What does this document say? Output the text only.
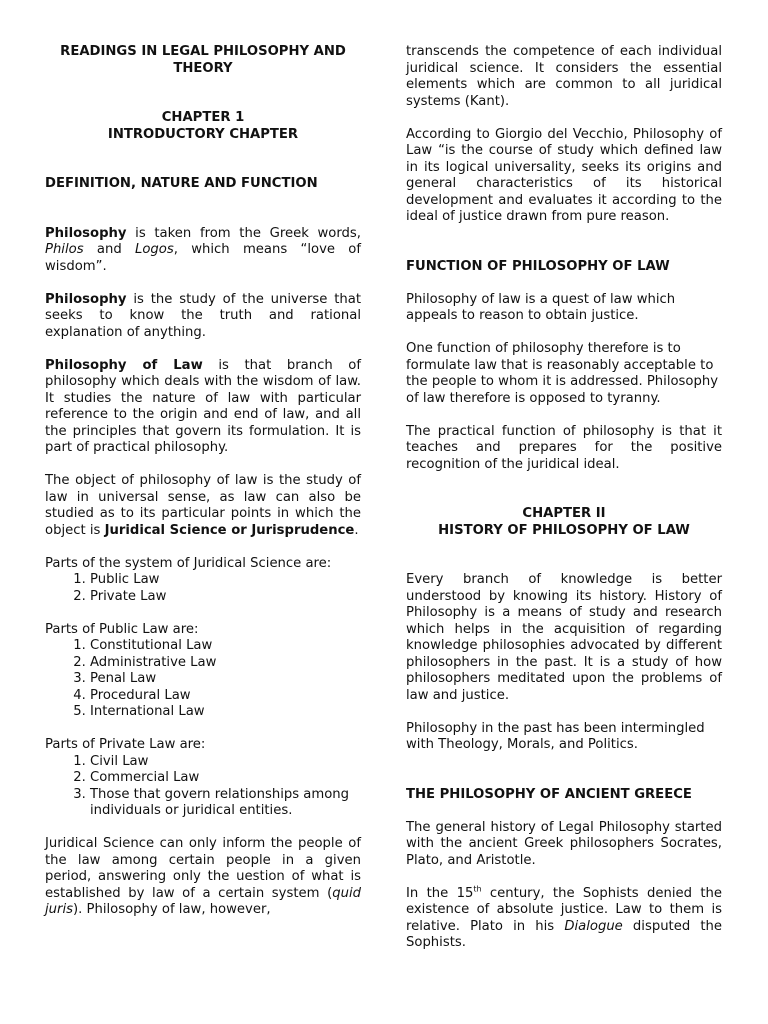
READINGS IN LEGAL PHILOSOPHY AND THEORY

CHAPTER 1

INTRODUCTORY CHAPTER

DEFINITION, NATURE AND FUNCTION

Philosophy is taken from the Greek words, Philos and Logos, which means “love of wisdom”.

Philosophy is the study of the universe that seeks to know the truth and rational explanation of anything.

Philosophy of Law is that branch of philosophy which deals with the wisdom of law. It studies the nature of law with particular reference to the origin and end of law, and all the principles that govern its formulation. It is part of practical philosophy.

The object of philosophy of law is the study of law in universal sense, as law can also be studied as to its particular points in which the object is Juridical Science or Jurisprudence.

Parts of the system of Juridical Science are:
1. Public Law
2. Private Law
Parts of Public Law are:
1. Constitutional Law
2. Administrative Law
3. Penal Law
4. Procedural Law
5. International Law
Parts of Private Law are:
1. Civil Law
2. Commercial Law
3. Those that govern relationships among individuals or juridical entities.

Juridical Science can only inform the people of the law among certain people in a given period, answering only the uestion of what is established by law of a certain system (quid juris). Philosophy of law, however,

transcends the competence of each individual juridical science. It considers the essential elements which are common to all juridical systems (Kant).

According to Giorgio del Vecchio, Philosophy of Law “is the course of study which defined law in its logical universality, seeks its origins and general characteristics of its historical development and evaluates it according to the ideal of justice drawn from pure reason.

FUNCTION OF PHILOSOPHY OF LAW

Philosophy of law is a quest of law which appeals to reason to obtain justice.

One function of philosophy therefore is to formulate law that is reasonably acceptable to the people to whom it is addressed. Philosophy of law therefore is opposed to tyranny.

The practical function of philosophy is that it teaches and prepares for the positive recognition of the juridical ideal.

CHAPTER II

HISTORY OF PHILOSOPHY OF LAW

Every branch of knowledge is better understood by knowing its history. History of Philosophy is a means of study and research which helps in the acquisition of regarding knowledge philosophies advocated by different philosophers in the past. It is a study of how philosophers meditated upon the problems of law and justice.

Philosophy in the past has been intermingled with Theology, Morals, and Politics.

THE PHILOSOPHY OF ANCIENT GREECE

The general history of Legal Philosophy started with the ancient Greek philosophers Socrates, Plato, and Aristotle.

In the 15th century, the Sophists denied the existence of absolute justice. Law to them is relative. Plato in his Dialogue disputed the Sophists.
